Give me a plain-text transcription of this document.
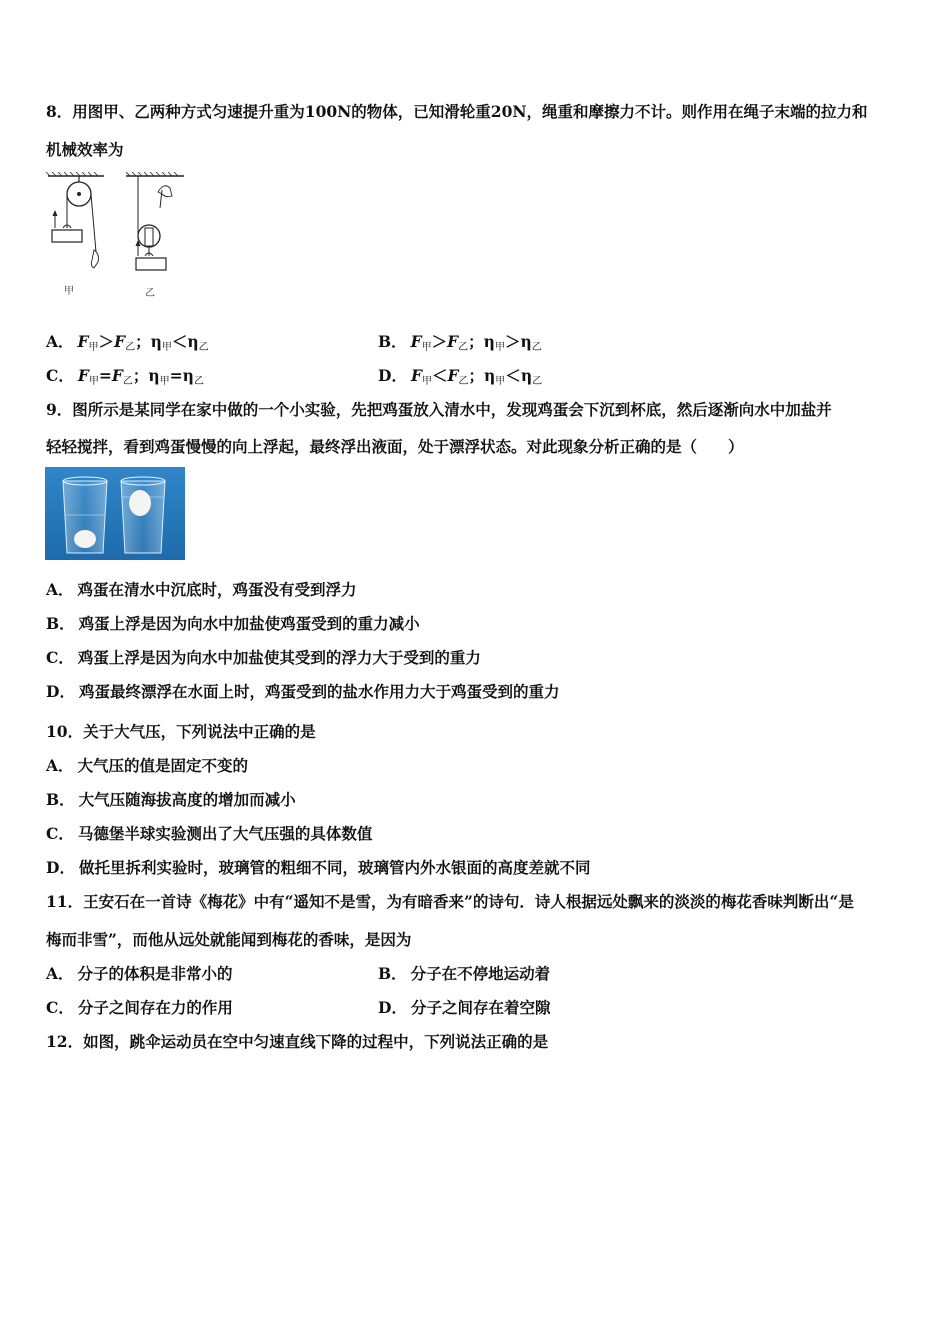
8．用图甲、乙两种方式匀速提升重为100N的物体，已知滑轮重20N，绳重和摩擦力不计。则作用在绳子末端的拉力和
机械效率为
甲	乙
A． $F_甲>F_乙$；$\eta_甲<\eta_乙$	B． $F_甲>F_乙$；$\eta_甲>\eta_乙$
C． $F_甲=F_乙$；$\eta_甲=\eta_乙$	D． $F_甲<F_乙$；$\eta_甲<\eta_乙$
9．图所示是某同学在家中做的一个小实验，先把鸡蛋放入清水中，发现鸡蛋会下沉到杯底，然后逐渐向水中加盐并
轻轻搅拌，看到鸡蛋慢慢的向上浮起，最终浮出液面，处于漂浮状态。对此现象分析正确的是（　　）
A． 鸡蛋在清水中沉底时，鸡蛋没有受到浮力
B． 鸡蛋上浮是因为向水中加盐使鸡蛋受到的重力减小
C． 鸡蛋上浮是因为向水中加盐使其受到的浮力大于受到的重力
D． 鸡蛋最终漂浮在水面上时，鸡蛋受到的盐水作用力大于鸡蛋受到的重力
10．关于大气压，下列说法中正确的是
A． 大气压的值是固定不变的
B． 大气压随海拔高度的增加而减小
C． 马德堡半球实验测出了大气压强的具体数值
D． 做托里拆利实验时，玻璃管的粗细不同，玻璃管内外水银面的高度差就不同
11．王安石在一首诗《梅花》中有“遥知不是雪，为有暗香来”的诗句．诗人根据远处飘来的淡淡的梅花香味判断出“是
梅而非雪”，而他从远处就能闻到梅花的香味，是因为
A． 分子的体积是非常小的	B． 分子在不停地运动着
C． 分子之间存在力的作用	D． 分子之间存在着空隙
12．如图，跳伞运动员在空中匀速直线下降的过程中，下列说法正确的是
